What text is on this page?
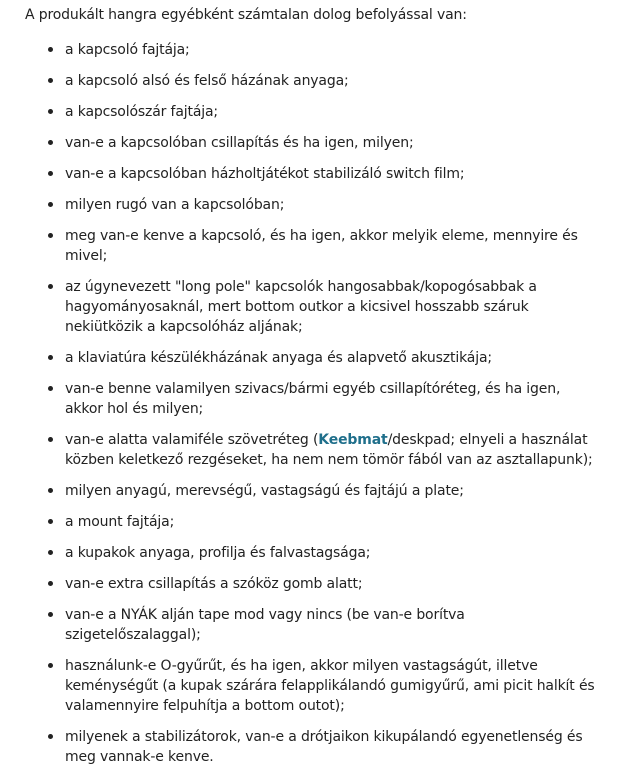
A produkált hangra egyébként számtalan dolog befolyással van:

a kapcsoló fajtája;
a kapcsoló alsó és felső házának anyaga;
a kapcsolószár fajtája;
van-e a kapcsolóban csillapítás és ha igen, milyen;
van-e a kapcsolóban házholtjátékot stabilizáló switch film;
milyen rugó van a kapcsolóban;
meg van-e kenve a kapcsoló, és ha igen, akkor melyik eleme, mennyire és mivel;
az úgynevezett "long pole" kapcsolók hangosabbak/kopogósabbak a hagyományosaknál, mert bottom outkor a kicsivel hosszabb száruk nekiütközik a kapcsolóház aljának;
a klaviatúra készülékházának anyaga és alapvető akusztikája;
van-e benne valamilyen szivacs/bármi egyéb csillapítóréteg, és ha igen, akkor hol és milyen;
van-e alatta valamiféle szövetréteg (Keebmat/deskpad; elnyeli a használat közben keletkező rezgéseket, ha nem nem tömör fából van az asztallapunk);
milyen anyagú, merevségű, vastagságú és fajtájú a plate;
a mount fajtája;
a kupakok anyaga, profilja és falvastagsága;
van-e extra csillapítás a szóköz gomb alatt;
van-e a NYÁK alján tape mod vagy nincs (be van-e borítva szigetelőszalaggal);
használunk-e O-gyűrűt, és ha igen, akkor milyen vastagságút, illetve keménységűt (a kupak szárára felapplikálandó gumigyűrű, ami picit halkít és valamennyire felpuhítja a bottom outot);
milyenek a stabilizátorok, van-e a drótjaikon kikupálandó egyenetlenség és meg vannak-e kenve.
